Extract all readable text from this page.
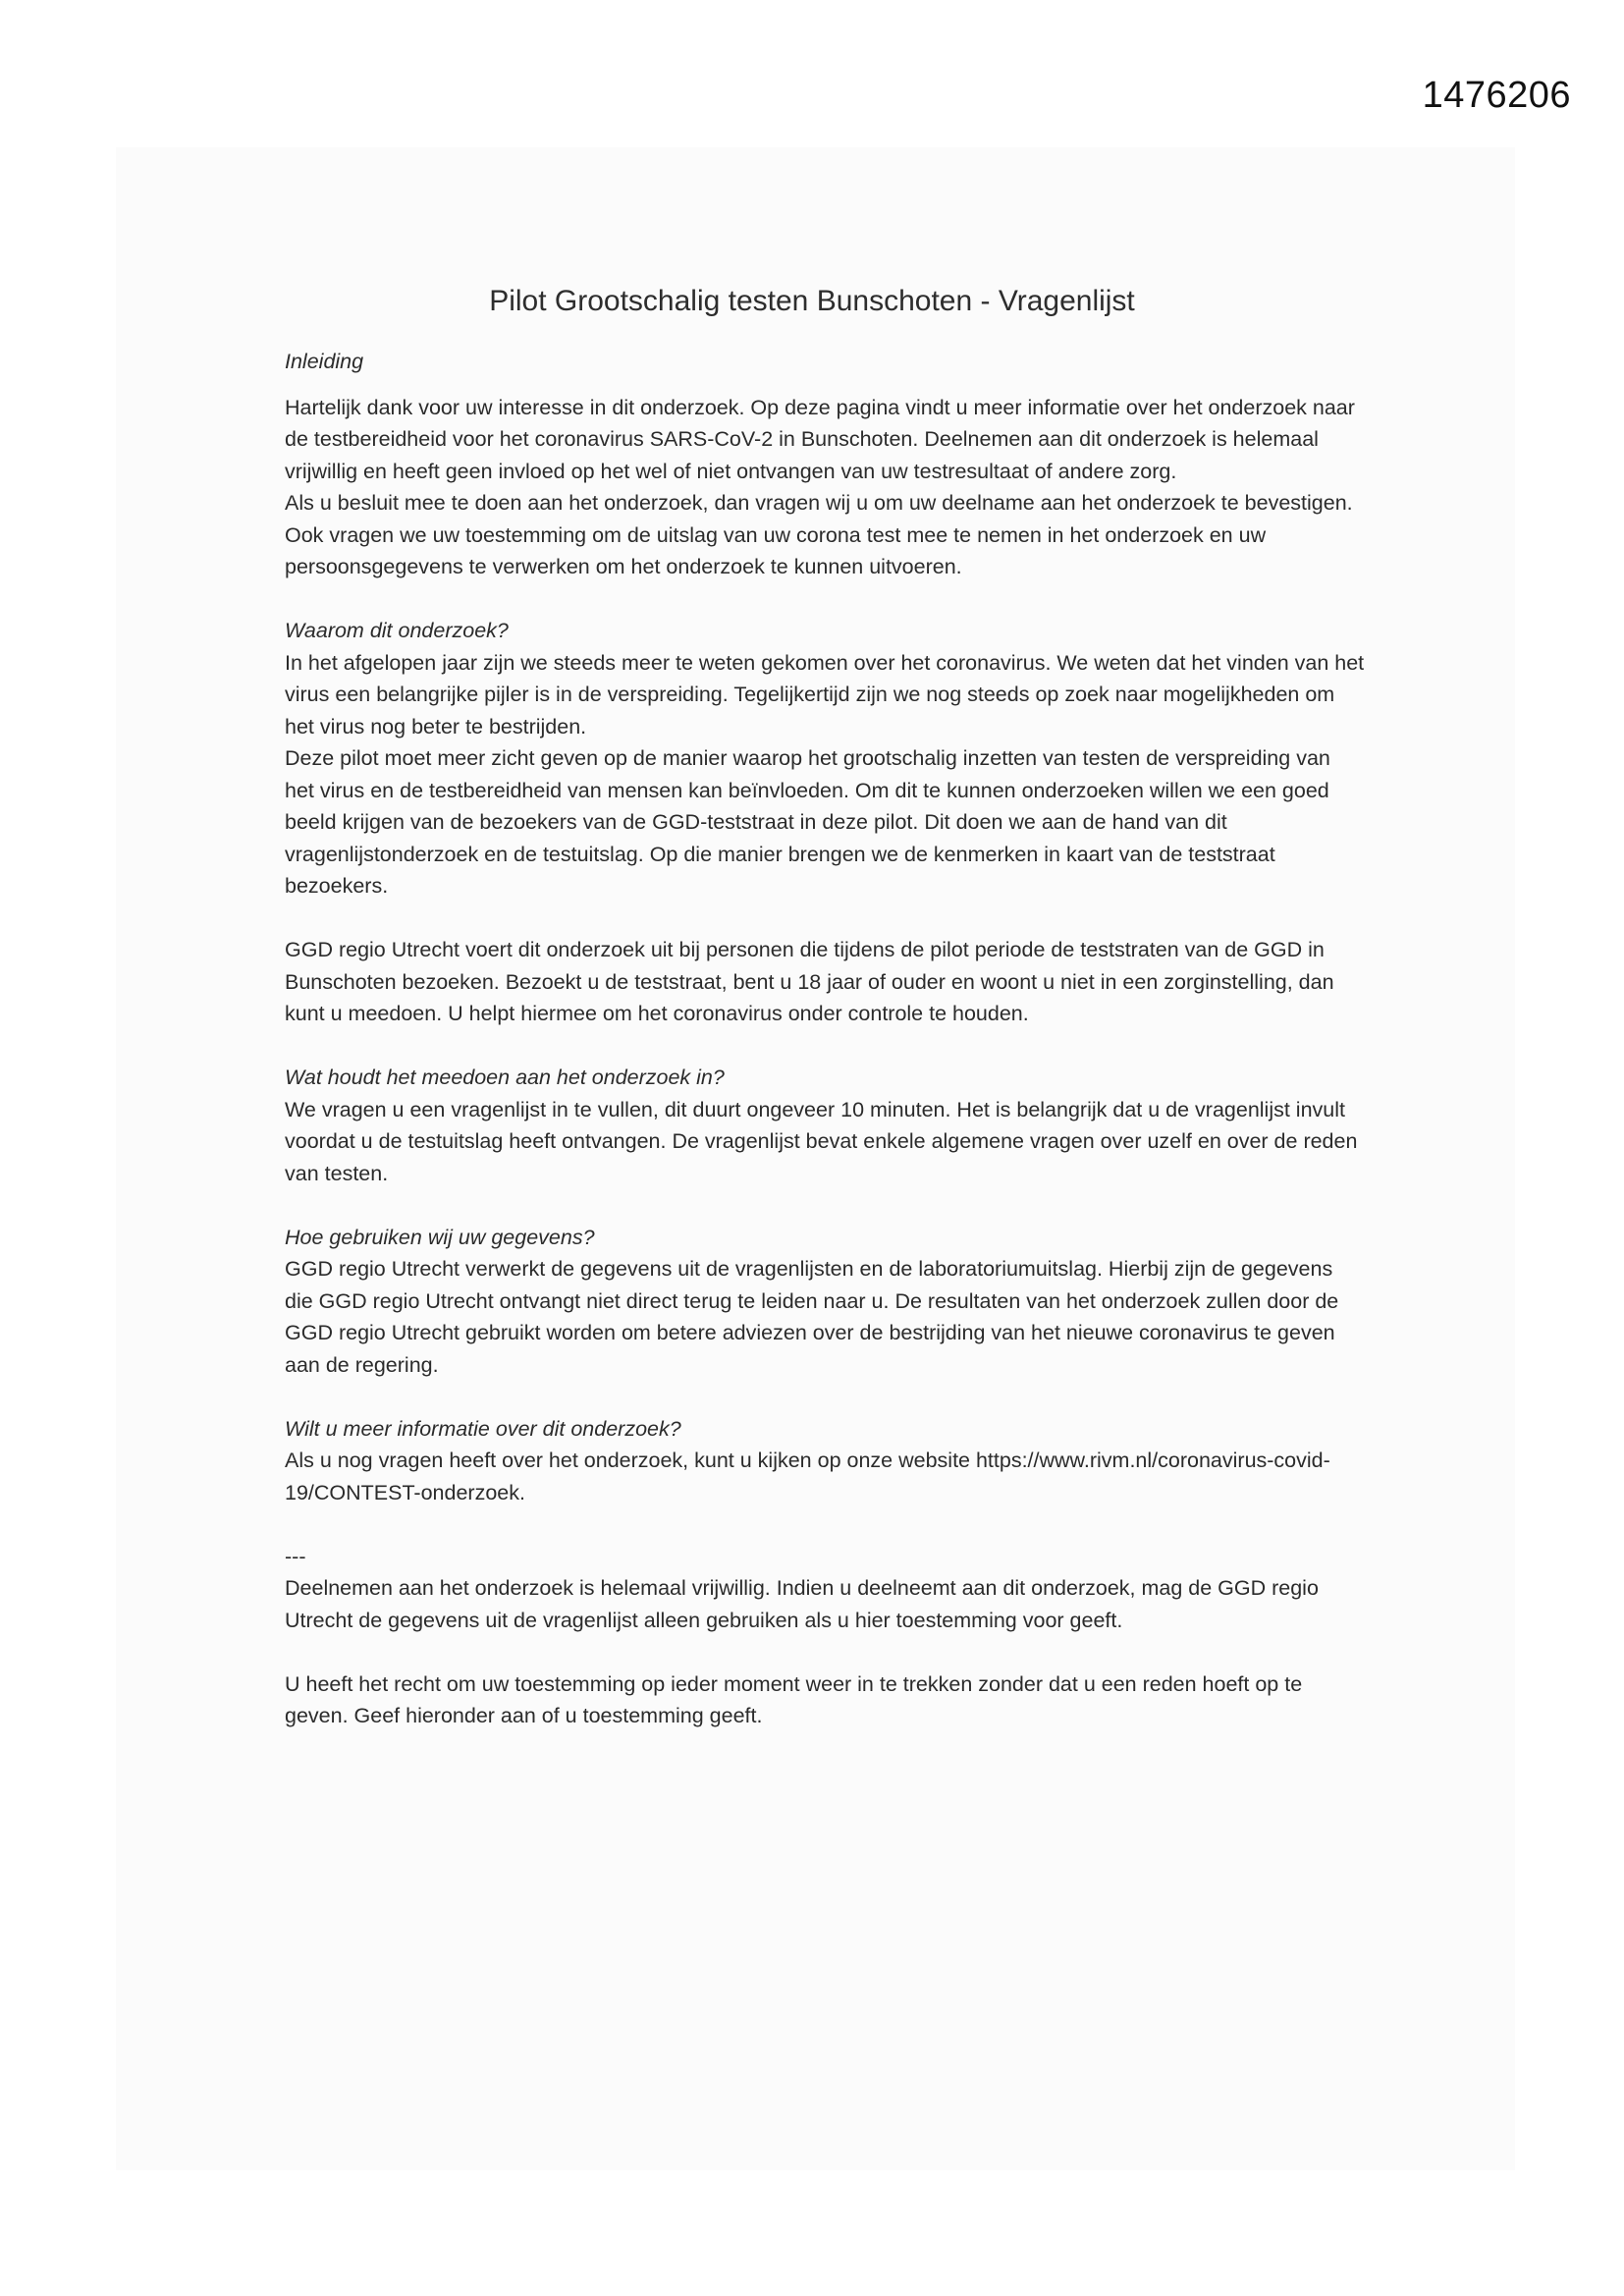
1476206
Pilot Grootschalig testen Bunschoten - Vragenlijst
Inleiding

Hartelijk dank voor uw interesse in dit onderzoek. Op deze pagina vindt u meer informatie over het onderzoek naar de testbereidheid voor het coronavirus SARS-CoV-2 in Bunschoten. Deelnemen aan dit onderzoek is helemaal vrijwillig en heeft geen invloed op het wel of niet ontvangen van uw testresultaat of andere zorg.

Als u besluit mee te doen aan het onderzoek, dan vragen wij u om uw deelname aan het onderzoek te bevestigen. Ook vragen we uw toestemming om de uitslag van uw corona test mee te nemen in het onderzoek en uw persoonsgegevens te verwerken om het onderzoek te kunnen uitvoeren.

Waarom dit onderzoek?

In het afgelopen jaar zijn we steeds meer te weten gekomen over het coronavirus. We weten dat het vinden van het virus een belangrijke pijler is in de verspreiding. Tegelijkertijd zijn we nog steeds op zoek naar mogelijkheden om het virus nog beter te bestrijden.

Deze pilot moet meer zicht geven op de manier waarop het grootschalig inzetten van testen de verspreiding van het virus en de testbereidheid van mensen kan beïnvloeden. Om dit te kunnen onderzoeken willen we een goed beeld krijgen van de bezoekers van de GGD-teststraat in deze pilot. Dit doen we aan de hand van dit vragenlijstonderzoek en de testuitslag. Op die manier brengen we de kenmerken in kaart van de teststraat bezoekers.

GGD regio Utrecht voert dit onderzoek uit bij personen die tijdens de pilot periode de teststraten van de GGD in Bunschoten bezoeken. Bezoekt u de teststraat, bent u 18 jaar of ouder en woont u niet in een zorginstelling, dan kunt u meedoen. U helpt hiermee om het coronavirus onder controle te houden.

Wat houdt het meedoen aan het onderzoek in?

We vragen u een vragenlijst in te vullen, dit duurt ongeveer 10 minuten. Het is belangrijk dat u de vragenlijst invult voordat u de testuitslag heeft ontvangen. De vragenlijst bevat enkele algemene vragen over uzelf en over de reden van testen.

Hoe gebruiken wij uw gegevens?

GGD regio Utrecht verwerkt de gegevens uit de vragenlijsten en de laboratoriumuitslag. Hierbij zijn de gegevens die GGD regio Utrecht ontvangt niet direct terug te leiden naar u. De resultaten van het onderzoek zullen door de GGD regio Utrecht gebruikt worden om betere adviezen over de bestrijding van het nieuwe coronavirus te geven aan de regering.

Wilt u meer informatie over dit onderzoek?

Als u nog vragen heeft over het onderzoek, kunt u kijken op onze website https://www.rivm.nl/coronavirus-covid-19/CONTEST-onderzoek.

---

Deelnemen aan het onderzoek is helemaal vrijwillig. Indien u deelneemt aan dit onderzoek, mag de GGD regio Utrecht de gegevens uit de vragenlijst alleen gebruiken als u hier toestemming voor geeft.

U heeft het recht om uw toestemming op ieder moment weer in te trekken zonder dat u een reden hoeft op te geven. Geef hieronder aan of u toestemming geeft.
